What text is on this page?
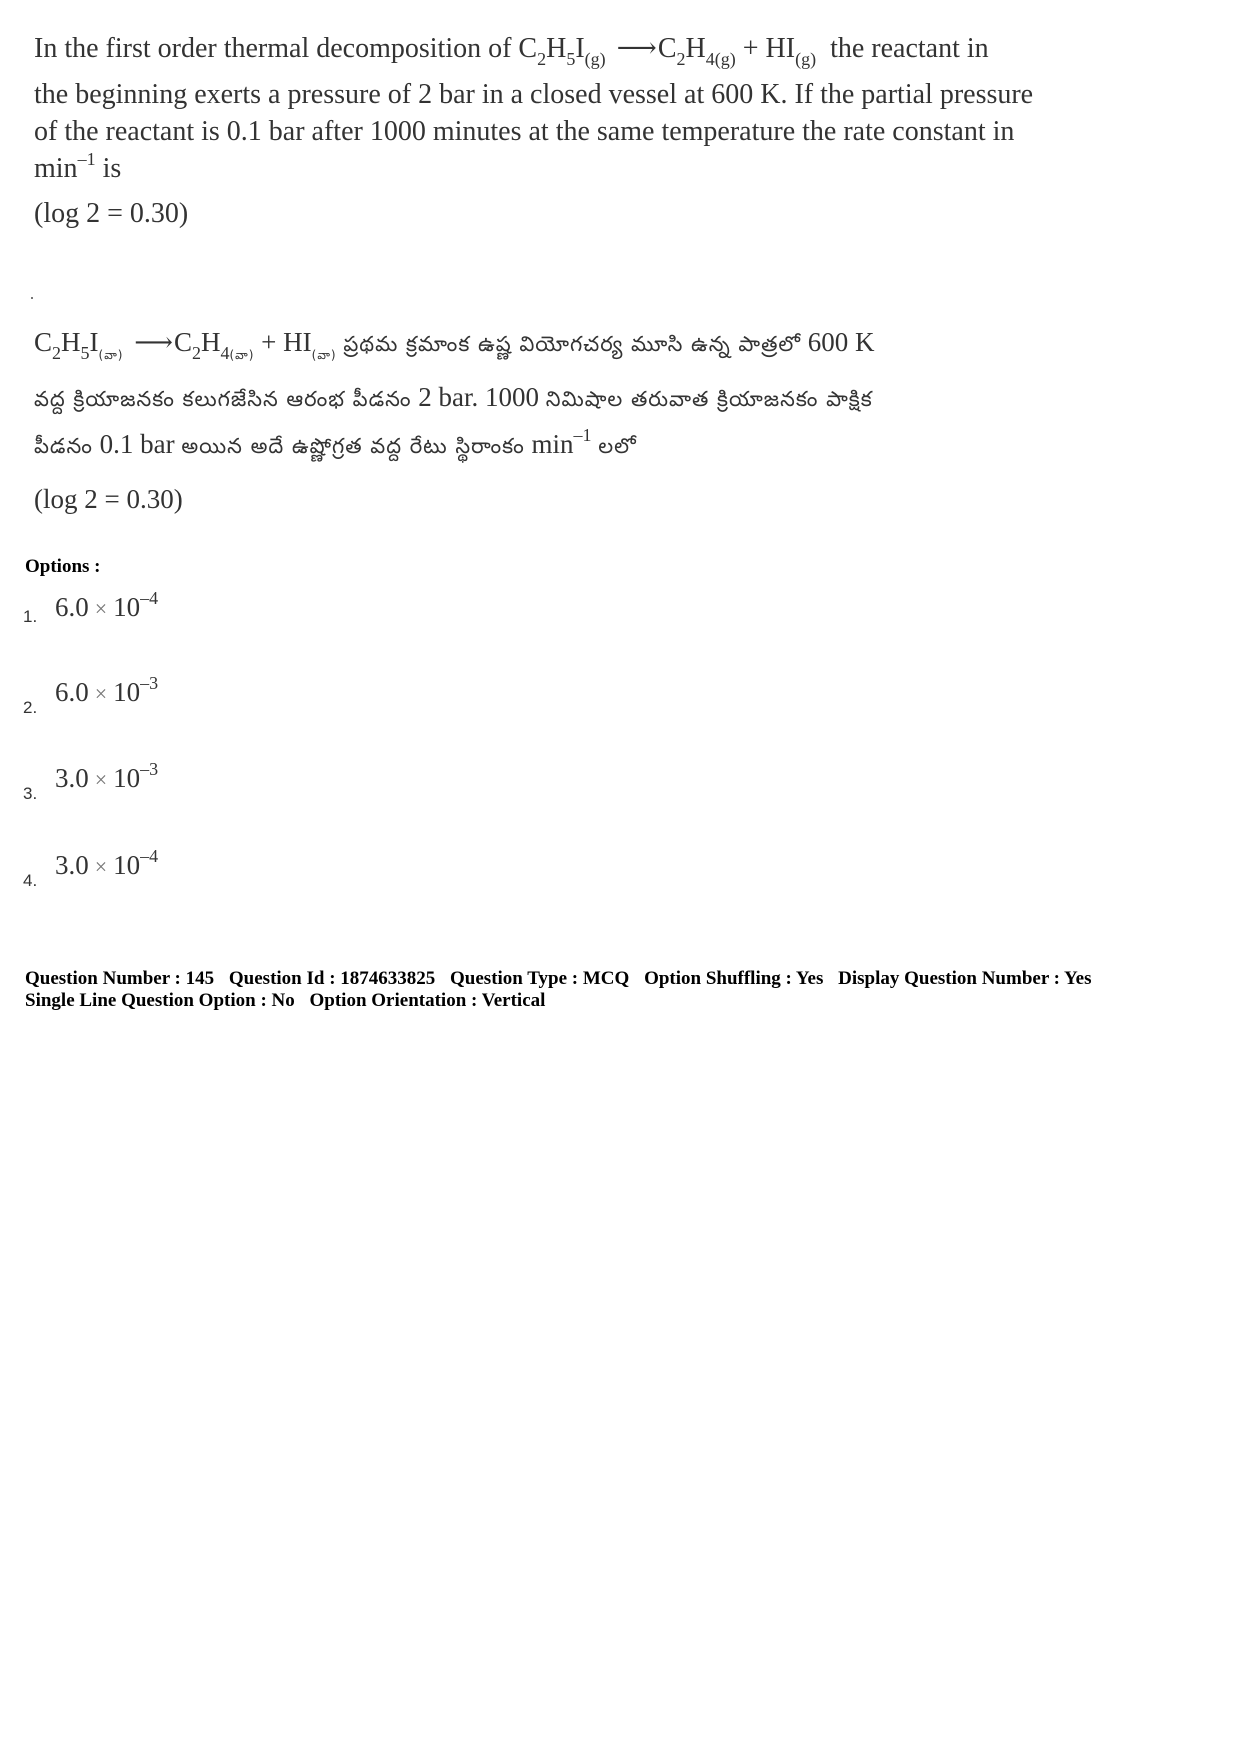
In the first order thermal decomposition of $C_2H_5I_{(g)}$ ⟶ $C_2H_{4(g)} + HI_{(g)}$ the reactant in
the beginning exerts a pressure of 2 bar in a closed vessel at 600 K. If the partial pressure
of the reactant is 0.1 bar after 1000 minutes at the same temperature the rate constant in
$\min^{-1}$ is
(log 2 = 0.30)
$C_2H_5I_{(వా)}$ ⟶ $C_2H_{4(వా)} + HI_{(వా)}$ ప్రథమ క్రమాంక ఉష్ణ వియోగచర్య మూసి ఉన్న పాత్రలో 600 K
వద్ద క్రియాజనకం కలుగజేసిన ఆరంభ పీడనం 2 bar. 1000 నిమిషాల తరువాత క్రియాజనకం పాక్షిక
పీడనం 0.1 bar అయిన అదే ఉష్ణోగ్రత వద్ద రేటు స్థిరాంకం $\min^{-1}$ లలో
(log 2 = 0.30)
Options :
1. $6.0 \times 10^{-4}$
2.
$6.0 \times 10^{-3}$
3.
$3.0 \times 10^{-3}$
4.
$3.0 \times 10^{-4}$
Question Number : 145 Question Id : 1874633825 Question Type : MCQ Option Shuffling : Yes Display Question Number : Yes
Single Line Question Option : No Option Orientation : Vertical
